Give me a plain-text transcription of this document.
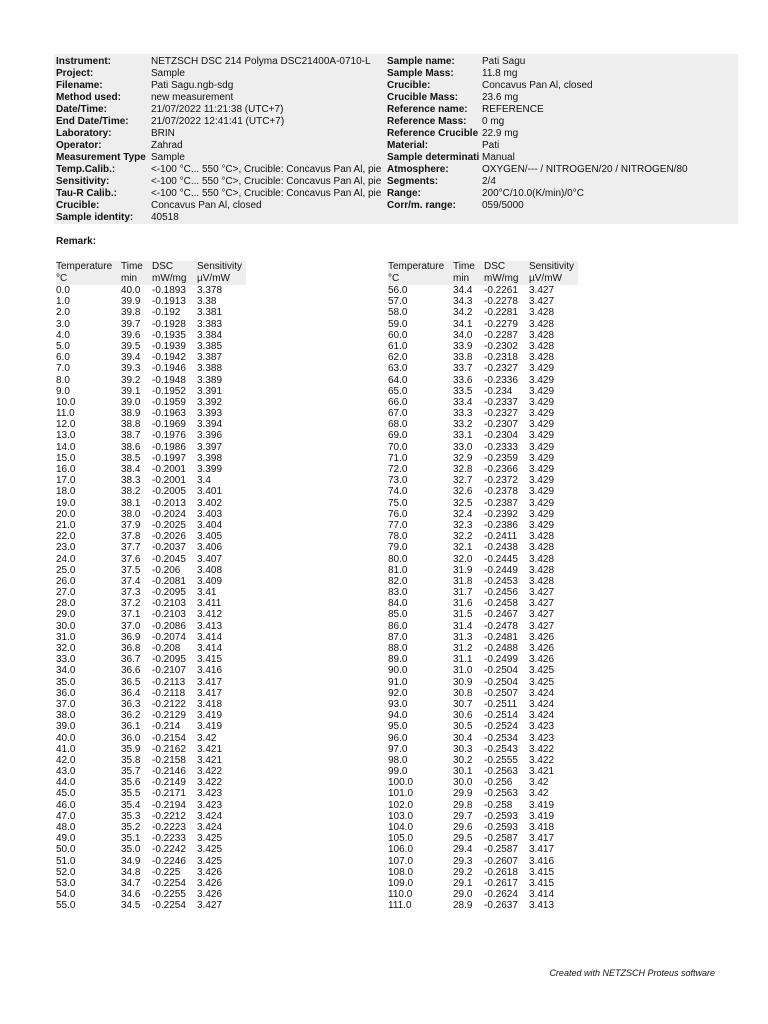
Instrument:	NETZSCH DSC 214 Polyma DSC21400A-0710-L
Project:	Sample
Filename:	Pati Sagu.ngb-sdg
Method used:	new measurement
Date/Time:	21/07/2022 11:21:38 (UTC+7)
End Date/Time:	21/07/2022 12:41:41 (UTC+7)
Laboratory:	BRIN
Operator:	Zahrad
Measurement Type Sample
Temp.Calib.:	<-100 °C... 550 °C>, Crucible: Concavus Pan Al, pie
Sensitivity:	<-100 °C... 550 °C>, Crucible: Concavus Pan Al, pie
Tau-R Calib.:	<-100 °C... 550 °C>, Crucible: Concavus Pan Al, pie
Crucible:	Concavus Pan Al, closed
Sample identity:	40518
Sample name:	Pati Sagu
Sample Mass:	11.8 mg
Crucible:	Concavus Pan Al, closed
Crucible Mass:	23.6 mg
Reference name:	REFERENCE
Reference Mass:	0 mg
Reference Crucible 22.9 mg
Material:	Pati
Sample determinati Manual
Atmosphere:	OXYGEN/--- / NITROGEN/20 / NITROGEN/80
Segments:	2/4
Range:	200°C/10.0(K/min)/0°C
Corr/m. range:	059/5000
Remark:
Temperature
°C
Time
min
DSC
mW/mg
Sensitivity
µV/mW
0.0	40.0 -0.1893 3.378
1.0	39.9 -0.1913 3.38
2.0	39.8 -0.192 3.381
3.0	39.7 -0.1928 3.383
4.0	39.6 -0.1935 3.384
5.0	39.5 -0.1939 3.385
6.0	39.4 -0.1942 3.387
7.0	39.3 -0.1946 3.388
8.0	39.2 -0.1948 3.389
9.0	39.1 -0.1952 3.391
10.0	39.0 -0.1959 3.392
11.0	38.9 -0.1963 3.393
12.0	38.8 -0.1969 3.394
13.0	38.7 -0.1976 3.396
14.0	38.6 -0.1986 3.397
15.0	38.5 -0.1997 3.398
16.0	38.4 -0.2001 3.399
17.0	38.3 -0.2001 3.4
18.0	38.2 -0.2005 3.401
19.0	38.1 -0.2013 3.402
20.0	38.0 -0.2024 3.403
21.0	37.9 -0.2025 3.404
22.0	37.8 -0.2026 3.405
23.0	37.7 -0.2037 3.406
24.0	37.6 -0.2045 3.407
25.0	37.5 -0.206 3.408
26.0	37.4 -0.2081 3.409
27.0	37.3 -0.2095 3.41
28.0	37.2 -0.2103 3.411
29.0	37.1 -0.2103 3.412
30.0	37.0 -0.2086 3.413
31.0	36.9 -0.2074 3.414
32.0	36.8 -0.208 3.414
33.0	36.7 -0.2095 3.415
34.0	36.6 -0.2107 3.416
35.0	36.5 -0.2113 3.417
36.0	36.4 -0.2118 3.417
37.0	36.3 -0.2122 3.418
38.0	36.2 -0.2129 3.419
39.0	36.1 -0.214 3.419
40.0	36.0 -0.2154 3.42
41.0	35.9 -0.2162 3.421
42.0	35.8 -0.2158 3.421
43.0	35.7 -0.2146 3.422
44.0	35.6 -0.2149 3.422
45.0	35.5 -0.2171 3.423
46.0	35.4 -0.2194 3.423
47.0	35.3 -0.2212 3.424
48.0	35.2 -0.2223 3.424
49.0	35.1 -0.2233 3.425
50.0	35.0 -0.2242 3.425
51.0	34.9 -0.2246 3.425
52.0	34.8 -0.225 3.426
53.0	34.7 -0.2254 3.426
54.0	34.6 -0.2255 3.426
55.0	34.5 -0.2254 3.427
Temperature
°C
Time
min
DSC
mW/mg
Sensitivity
µV/mW
56.0	34.4 -0.2261 3.427
57.0	34.3 -0.2278 3.427
58.0	34.2 -0.2281 3.428
59.0	34.1 -0.2279 3.428
60.0	34.0 -0.2287 3.428
61.0	33.9 -0.2302 3.428
62.0	33.8 -0.2318 3.428
63.0	33.7 -0.2327 3.429
64.0	33.6 -0.2336 3.429
65.0	33.5 -0.234 3.429
66.0	33.4 -0.2337 3.429
67.0	33.3 -0.2327 3.429
68.0	33.2 -0.2307 3.429
69.0	33.1 -0.2304 3.429
70.0	33.0 -0.2333 3.429
71.0	32.9 -0.2359 3.429
72.0	32.8 -0.2366 3.429
73.0	32.7 -0.2372 3.429
74.0	32.6 -0.2378 3.429
75.0	32.5 -0.2387 3.429
76.0	32.4 -0.2392 3.429
77.0	32.3 -0.2386 3.429
78.0	32.2 -0.2411 3.428
79.0	32.1 -0.2438 3.428
80.0	32.0 -0.2445 3.428
81.0	31.9 -0.2449 3.428
82.0	31.8 -0.2453 3.428
83.0	31.7 -0.2456 3.427
84.0	31.6 -0.2458 3.427
85.0	31.5 -0.2467 3.427
86.0	31.4 -0.2478 3.427
87.0	31.3 -0.2481 3.426
88.0	31.2 -0.2488 3.426
89.0	31.1 -0.2499 3.426
90.0	31.0 -0.2504 3.425
91.0	30.9 -0.2504 3.425
92.0	30.8 -0.2507 3.424
93.0	30.7 -0.2511 3.424
94.0	30.6 -0.2514 3.424
95.0	30.5 -0.2524 3.423
96.0	30.4 -0.2534 3.423
97.0	30.3 -0.2543 3.422
98.0	30.2 -0.2555 3.422
99.0	30.1 -0.2563 3.421
100.0	30.0 -0.256 3.42
101.0	29.9 -0.2563 3.42
102.0	29.8 -0.258 3.419
103.0	29.7 -0.2593 3.419
104.0	29.6 -0.2593 3.418
105.0	29.5 -0.2587 3.417
106.0	29.4 -0.2587 3.417
107.0	29.3 -0.2607 3.416
108.0	29.2 -0.2618 3.415
109.0	29.1 -0.2617 3.415
110.0	29.0 -0.2624 3.414
111.0	28.9 -0.2637 3.413
Created with NETZSCH Proteus software
